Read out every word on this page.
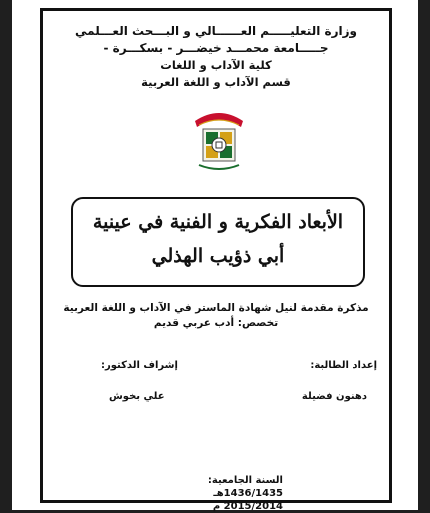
وزارة التعليـــــم العــــــالي و البـــحث العـــلمي
جـــــامعة محمـــد خيضـــر - بسكـــرة -
كلية الآداب و اللغات
قسم الآداب و اللغة العربية
الأبعاد الفكرية و الفنية في عينية
أبي ذؤيب الهذلي
مذكرة مقدمة لنيل شهادة الماستر في الآداب و اللغة العربية
تخصص: أدب عربي قديم
إعداد الطالبة:
إشراف الدكتور:
دهنون فضيلة
علي بخوش
السنة الجامعية:
1436/1435هـ
2015/2014 م
